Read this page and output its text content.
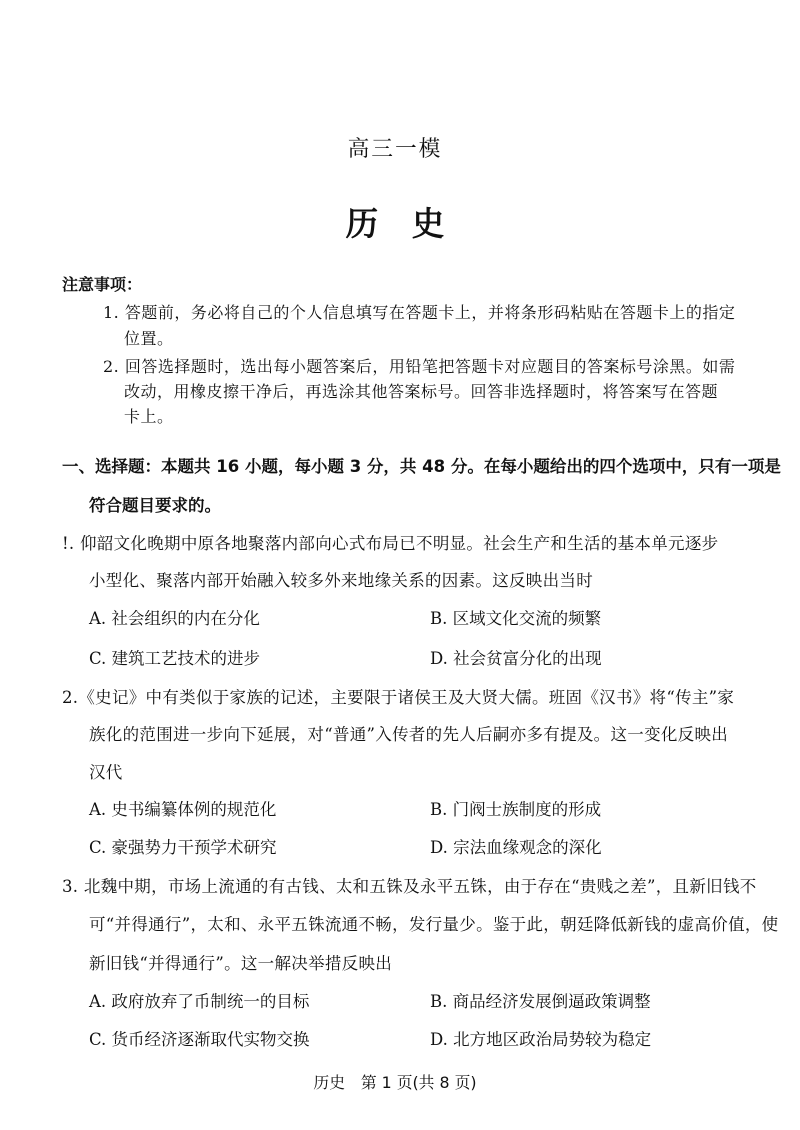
高三一模
历史
注意事项：
1. 答题前，务必将自己的个人信息填写在答题卡上，并将条形码粘贴在答题卡上的指定
位置。
2. 回答选择题时，选出每小题答案后，用铅笔把答题卡对应题目的答案标号涂黑。如需
改动，用橡皮擦干净后，再选涂其他答案标号。回答非选择题时，将答案写在答题
卡上。
一、选择题：本题共 16 小题，每小题 3 分，共 48 分。在每小题给出的四个选项中，只有一项是
符合题目要求的。
!. 仰韶文化晚期中原各地聚落内部向心式布局已不明显。社会生产和生活的基本单元逐步
小型化、聚落内部开始融入较多外来地缘关系的因素。这反映出当时
A. 社会组织的内在分化	B. 区域文化交流的频繁
C. 建筑工艺技术的进步	D. 社会贫富分化的出现
2.《史记》中有类似于家族的记述，主要限于诸侯王及大贤大儒。班固《汉书》将“传主”家
族化的范围进一步向下延展，对“普通”入传者的先人后嗣亦多有提及。这一变化反映出
汉代
A. 史书编纂体例的规范化	B. 门阀士族制度的形成
C. 豪强势力干预学术研究	D. 宗法血缘观念的深化
3. 北魏中期，市场上流通的有古钱、太和五铢及永平五铢，由于存在“贵贱之差”，且新旧钱不
可“并得通行”，太和、永平五铢流通不畅，发行量少。鉴于此，朝廷降低新钱的虚高价值，使
新旧钱“并得通行”。这一解决举措反映出
A. 政府放弃了币制统一的目标	B. 商品经济发展倒逼政策调整
C. 货币经济逐渐取代实物交换	D. 北方地区政治局势较为稳定
历史　第 1 页(共 8 页)
